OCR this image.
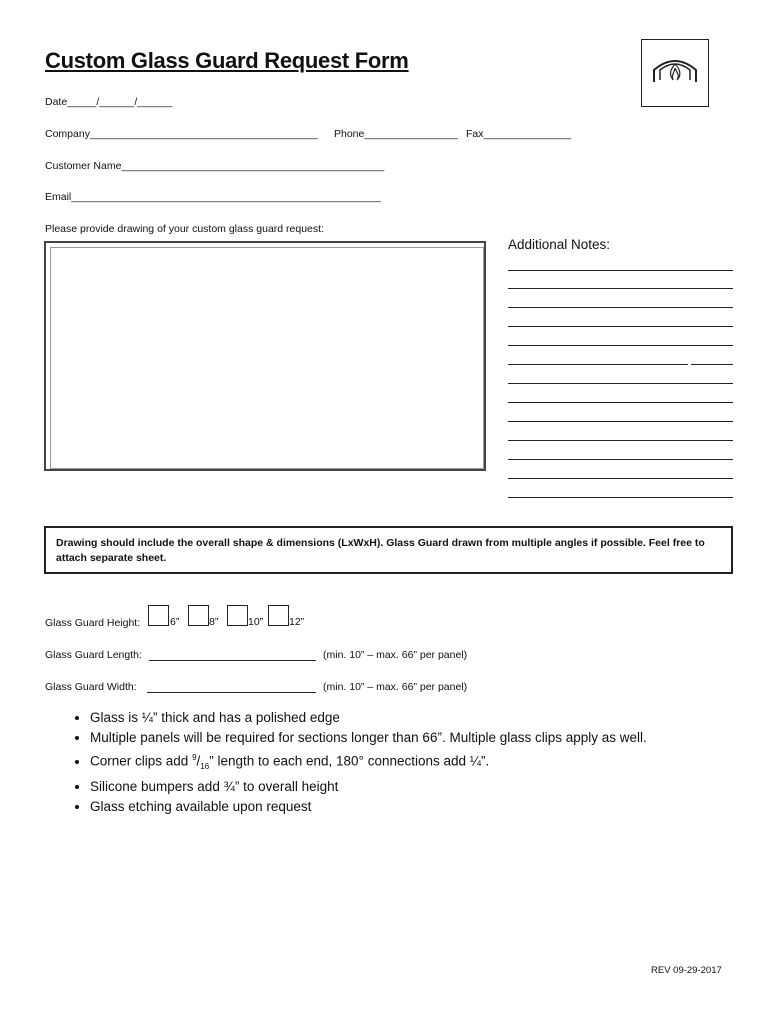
Custom Glass Guard Request Form
Date_____/______/______
Company_______________________________________ Phone________________ Fax_______________
Customer Name_____________________________________________
Email_____________________________________________________
Please provide drawing of your custom glass guard request:
Additional Notes:
Drawing should include the overall shape & dimensions (LxWxH). Glass Guard drawn from multiple angles if possible. Feel free to attach separate sheet.
Glass Guard Height:	6”	8”	10” 12”
Glass Guard Length:	(min. 10” – max. 66” per panel)
Glass Guard Width:	(min. 10” – max. 66” per panel)
• Glass is ¼” thick and has a polished edge
• Multiple panels will be required for sections longer than 66”. Multiple glass clips apply as well.
• Corner clips add $^9/_{16}$” length to each end, 180° connections add ¼”.
• Silicone bumpers add ¾” to overall height
• Glass etching available upon request
REV 09-29-2017
